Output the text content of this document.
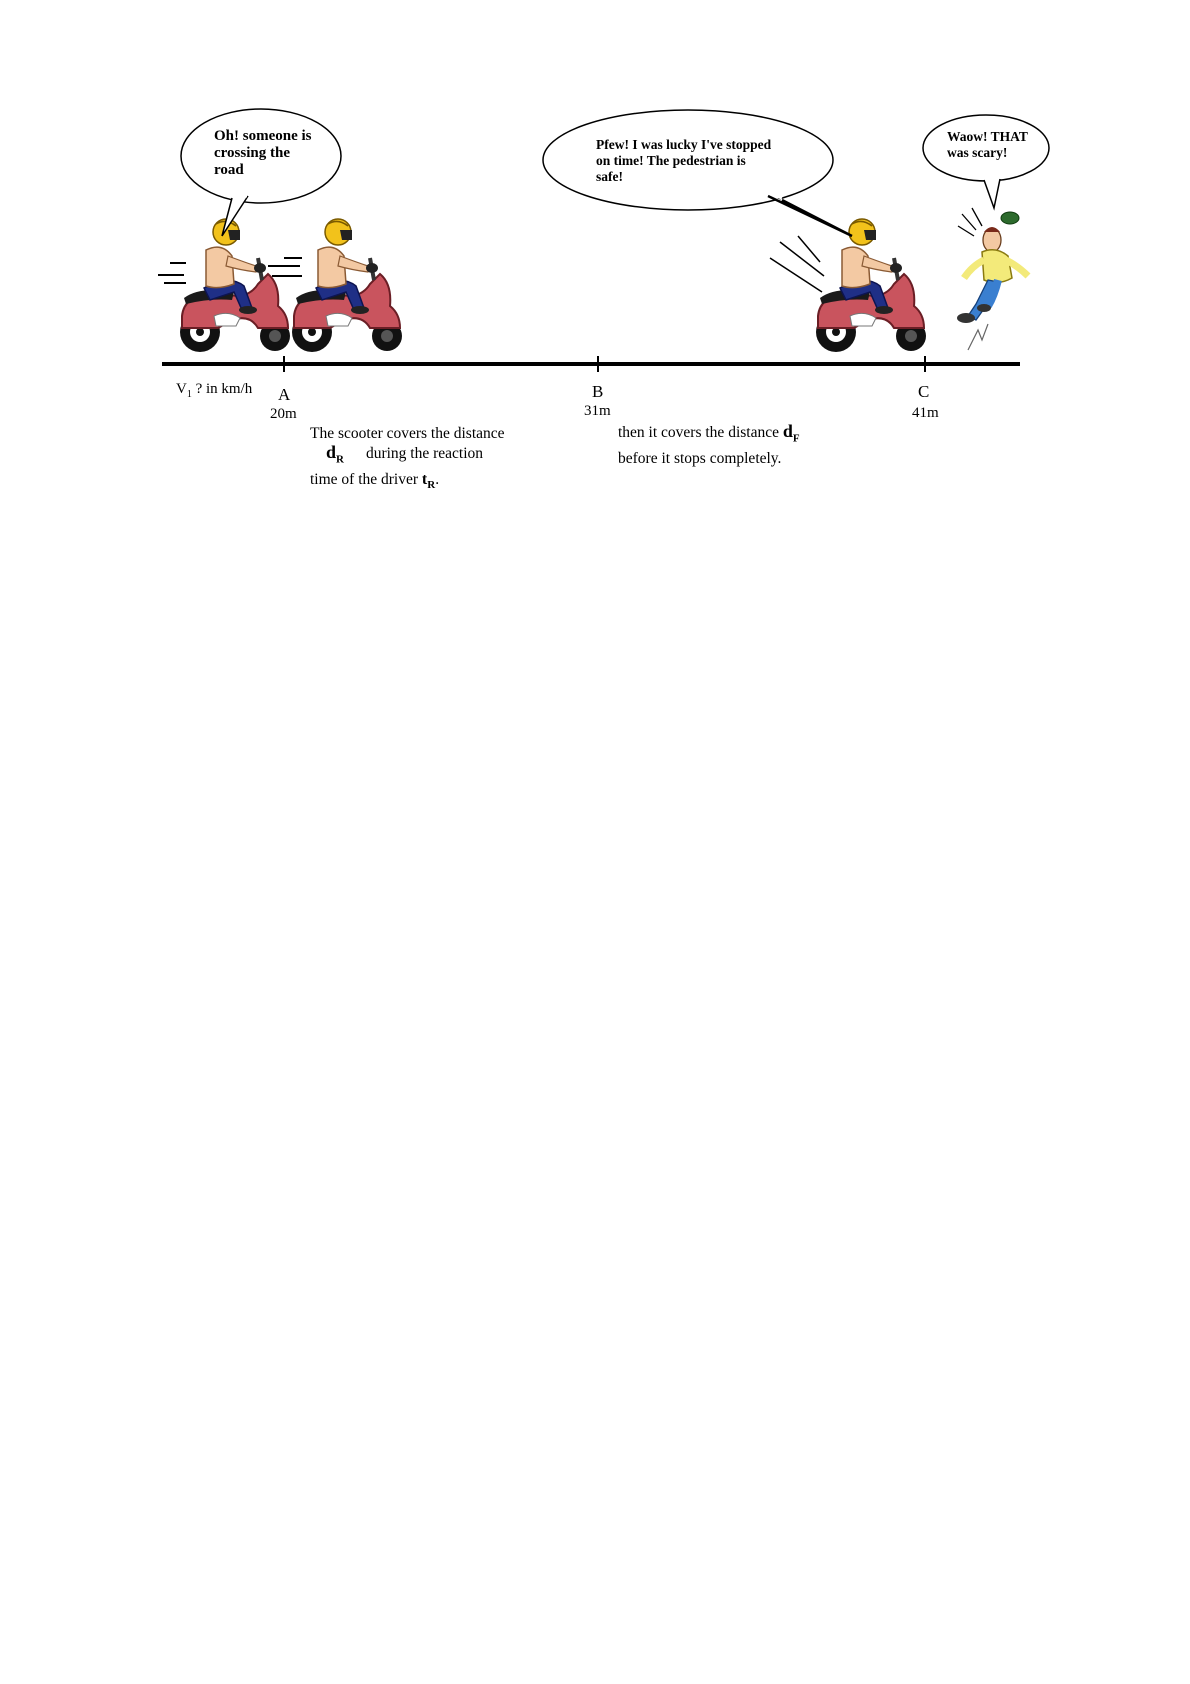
Oh! someone is
crossing the
road
Pfew! I was lucky I've stopped
on time! The pedestrian is
safe!
Waow! THAT
was scary!
$V_1$ ? in km/h A
20m
B
31m
C
41m
The scooter covers the distance
$d_R$ during the reaction
time of the driver $t_R$.
then it covers the distance $d_F$
before it stops completely.
